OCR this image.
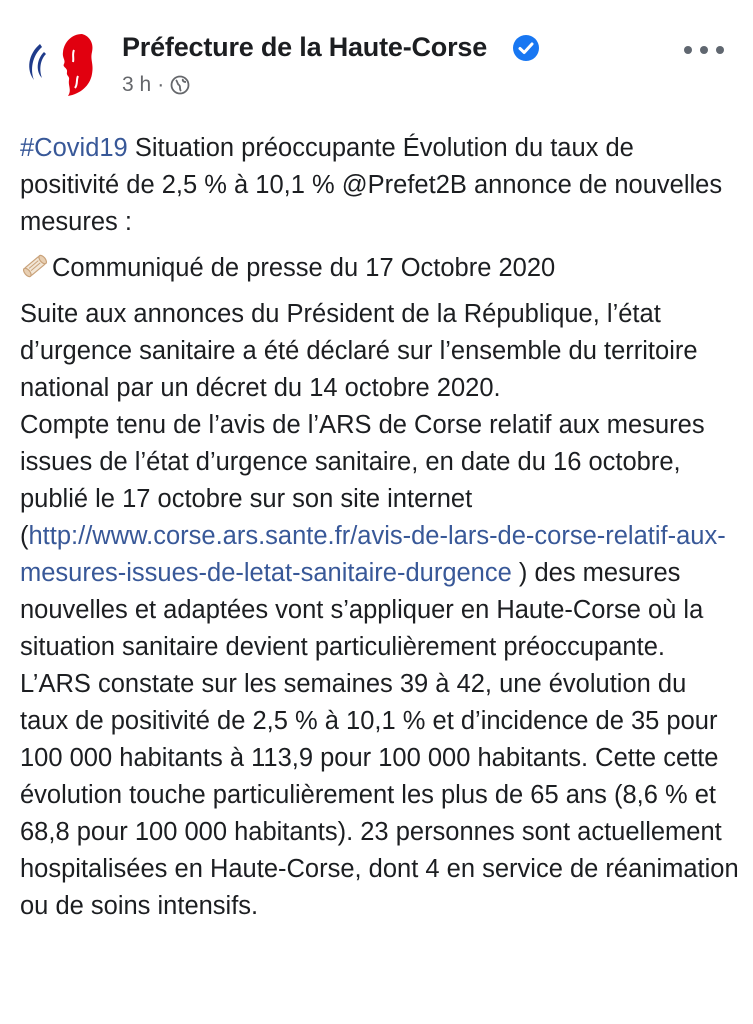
Préfecture de la Haute-Corse
3 h ·

#Covid19 Situation préoccupante Évolution du taux de positivité de 2,5 % à 10,1 % @Prefet2B annonce de nouvelles mesures :

Communiqué de presse du 17 Octobre 2020

Suite aux annonces du Président de la République, l’état d’urgence sanitaire a été déclaré sur l’ensemble du territoire national par un décret du 14 octobre 2020.
Compte tenu de l’avis de l’ARS de Corse relatif aux mesures issues de l’état d’urgence sanitaire, en date du 16 octobre, publié le 17 octobre sur son site internet (http://www.corse.ars.sante.fr/avis-de-lars-de-corse-relatif-aux-mesures-issues-de-letat-sanitaire-durgence ) des mesures nouvelles et adaptées vont s’appliquer en Haute-Corse où la situation sanitaire devient particulièrement préoccupante.
L’ARS constate sur les semaines 39 à 42, une évolution du taux de positivité de 2,5 % à 10,1 % et d’incidence de 35 pour 100 000 habitants à 113,9 pour 100 000 habitants. Cette cette évolution touche particulièrement les plus de 65 ans (8,6 % et 68,8 pour 100 000 habitants). 23 personnes sont actuellement hospitalisées en Haute-Corse, dont 4 en service de réanimation ou de soins intensifs.
